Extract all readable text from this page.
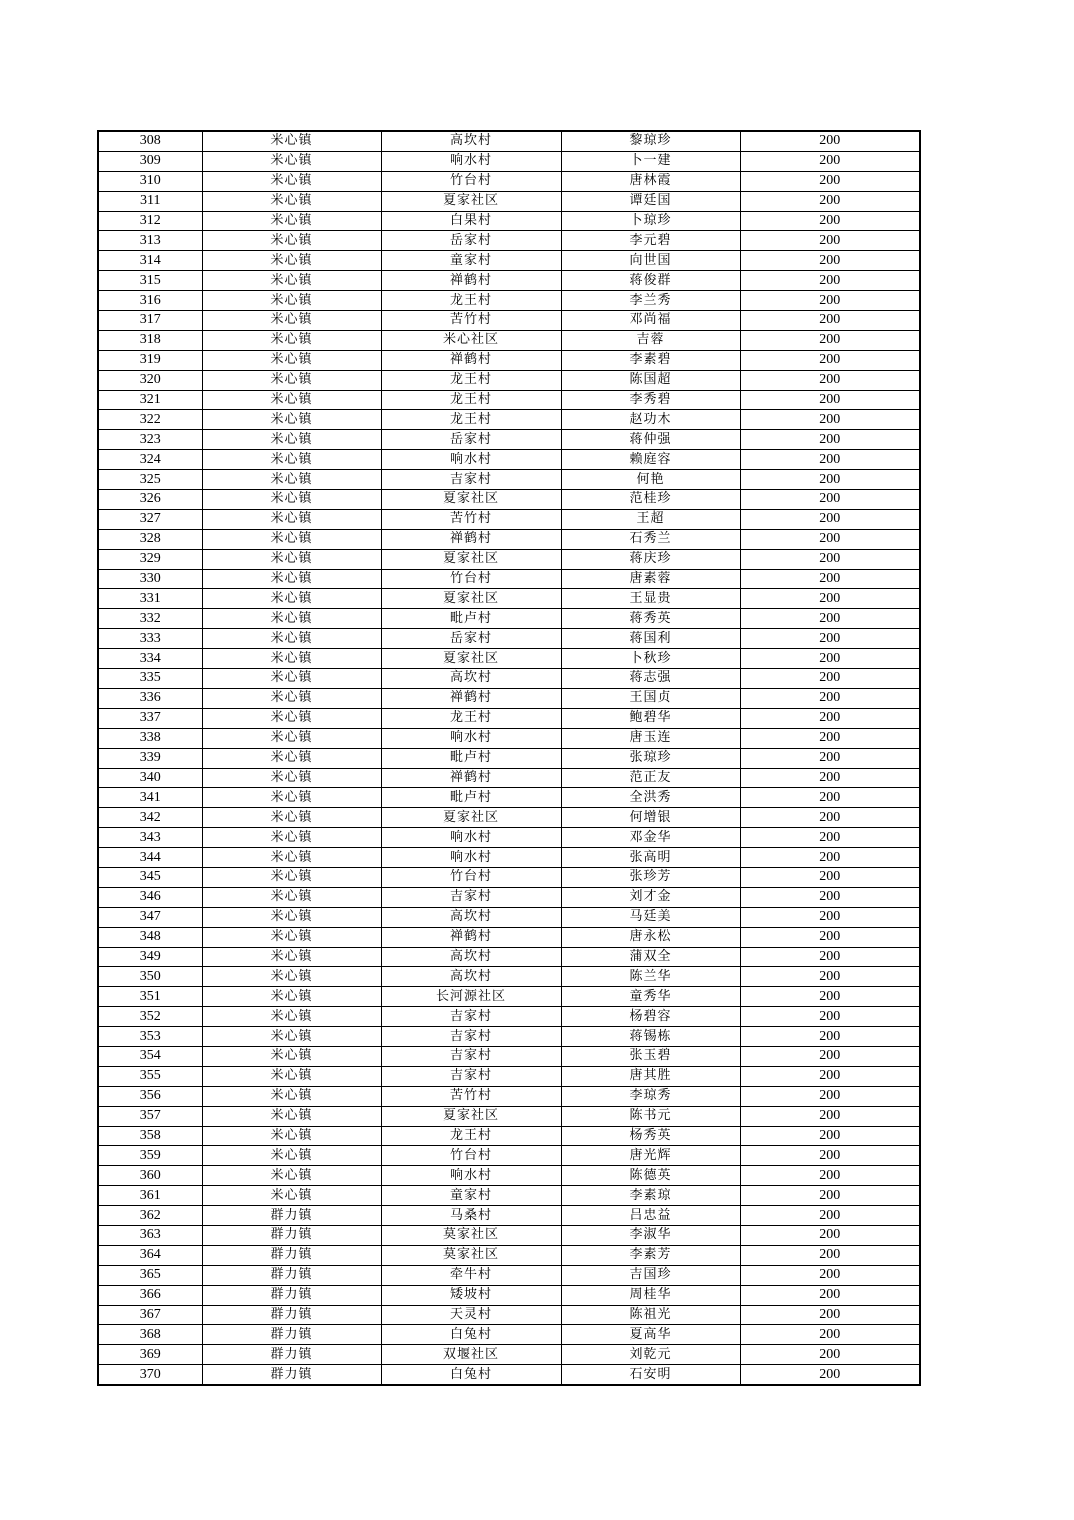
308	米心镇	高坎村	黎琼珍	200
309	米心镇	响水村	卜一建	200
310	米心镇	竹台村	唐林霞	200
311	米心镇	夏家社区	谭廷国	200
312	米心镇	白果村	卜琼珍	200
313	米心镇	岳家村	李元碧	200
314	米心镇	童家村	向世国	200
315	米心镇	禅鹤村	蒋俊群	200
316	米心镇	龙王村	李兰秀	200
317	米心镇	苦竹村	邓尚福	200
318	米心镇	米心社区	吉蓉	200
319	米心镇	禅鹤村	李素碧	200
320	米心镇	龙王村	陈国超	200
321	米心镇	龙王村	李秀碧	200
322	米心镇	龙王村	赵功木	200
323	米心镇	岳家村	蒋仲强	200
324	米心镇	响水村	赖庭容	200
325	米心镇	吉家村	何艳	200
326	米心镇	夏家社区	范桂珍	200
327	米心镇	苦竹村	王超	200
328	米心镇	禅鹤村	石秀兰	200
329	米心镇	夏家社区	蒋庆珍	200
330	米心镇	竹台村	唐素蓉	200
331	米心镇	夏家社区	王显贵	200
332	米心镇	毗卢村	蒋秀英	200
333	米心镇	岳家村	蒋国利	200
334	米心镇	夏家社区	卜秋珍	200
335	米心镇	高坎村	蒋志强	200
336	米心镇	禅鹤村	王国贞	200
337	米心镇	龙王村	鲍碧华	200
338	米心镇	响水村	唐玉连	200
339	米心镇	毗卢村	张琼珍	200
340	米心镇	禅鹤村	范正友	200
341	米心镇	毗卢村	全洪秀	200
342	米心镇	夏家社区	何增银	200
343	米心镇	响水村	邓金华	200
344	米心镇	响水村	张高明	200
345	米心镇	竹台村	张珍芳	200
346	米心镇	吉家村	刘才金	200
347	米心镇	高坎村	马廷美	200
348	米心镇	禅鹤村	唐永松	200
349	米心镇	高坎村	蒲双全	200
350	米心镇	高坎村	陈兰华	200
351	米心镇	长河源社区	童秀华	200
352	米心镇	吉家村	杨碧容	200
353	米心镇	吉家村	蒋锡栋	200
354	米心镇	吉家村	张玉碧	200
355	米心镇	吉家村	唐其胜	200
356	米心镇	苦竹村	李琼秀	200
357	米心镇	夏家社区	陈书元	200
358	米心镇	龙王村	杨秀英	200
359	米心镇	竹台村	唐光辉	200
360	米心镇	响水村	陈德英	200
361	米心镇	童家村	李素琼	200
362	群力镇	马桑村	吕忠益	200
363	群力镇	莫家社区	李淑华	200
364	群力镇	莫家社区	李素芳	200
365	群力镇	牵牛村	吉国珍	200
366	群力镇	矮坡村	周桂华	200
367	群力镇	天灵村	陈祖光	200
368	群力镇	白兔村	夏高华	200
369	群力镇	双堰社区	刘乾元	200
370	群力镇	白兔村	石安明	200
